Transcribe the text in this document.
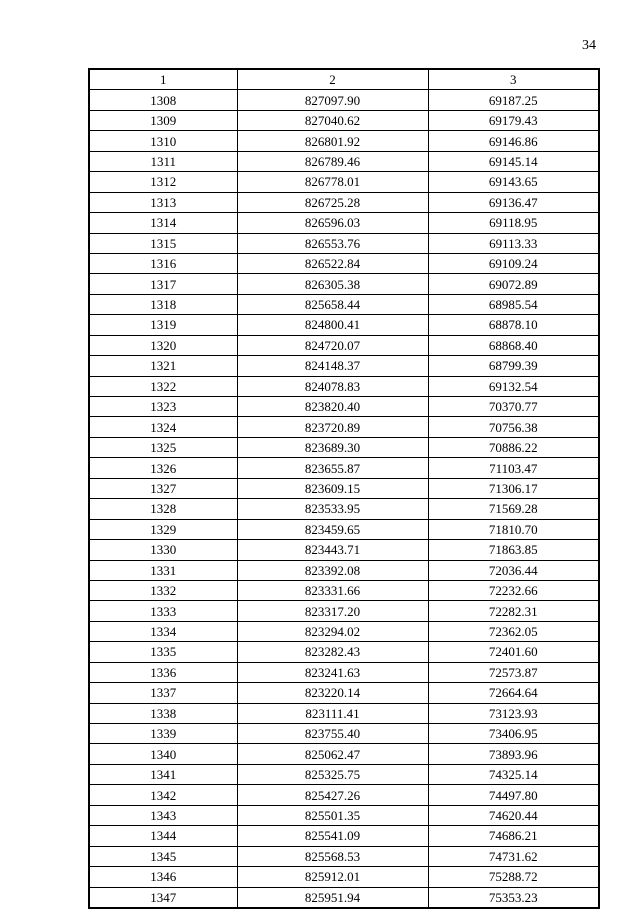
34
1	2	3
1308	827097.90	69187.25
1309	827040.62	69179.43
1310	826801.92	69146.86
1311	826789.46	69145.14
1312	826778.01	69143.65
1313	826725.28	69136.47
1314	826596.03	69118.95
1315	826553.76	69113.33
1316	826522.84	69109.24
1317	826305.38	69072.89
1318	825658.44	68985.54
1319	824800.41	68878.10
1320	824720.07	68868.40
1321	824148.37	68799.39
1322	824078.83	69132.54
1323	823820.40	70370.77
1324	823720.89	70756.38
1325	823689.30	70886.22
1326	823655.87	71103.47
1327	823609.15	71306.17
1328	823533.95	71569.28
1329	823459.65	71810.70
1330	823443.71	71863.85
1331	823392.08	72036.44
1332	823331.66	72232.66
1333	823317.20	72282.31
1334	823294.02	72362.05
1335	823282.43	72401.60
1336	823241.63	72573.87
1337	823220.14	72664.64
1338	823111.41	73123.93
1339	823755.40	73406.95
1340	825062.47	73893.96
1341	825325.75	74325.14
1342	825427.26	74497.80
1343	825501.35	74620.44
1344	825541.09	74686.21
1345	825568.53	74731.62
1346	825912.01	75288.72
1347	825951.94	75353.23
